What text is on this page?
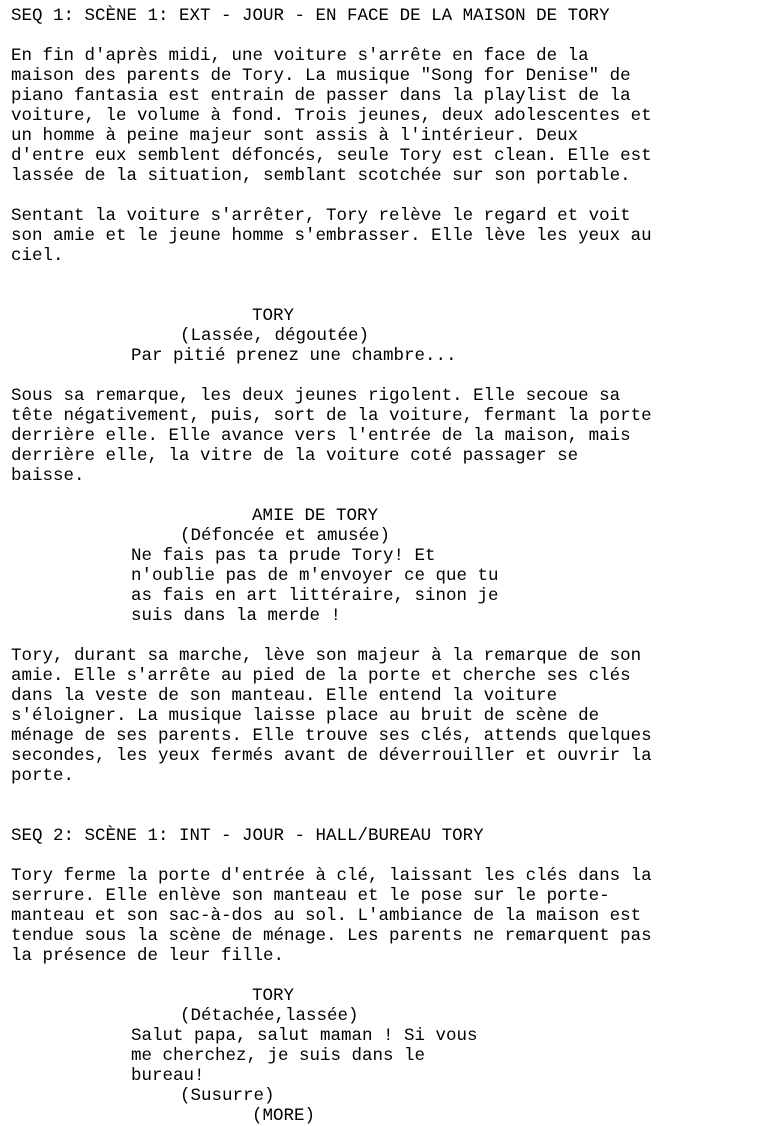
SEQ 1: SCÈNE 1: EXT - JOUR - EN FACE DE LA MAISON DE TORY
En fin d'après midi, une voiture s'arrête en face de la
maison des parents de Tory. La musique "Song for Denise" de
piano fantasia est entrain de passer dans la playlist de la
voiture, le volume à fond. Trois jeunes, deux adolescentes et
un homme à peine majeur sont assis à l'intérieur. Deux
d'entre eux semblent défoncés, seule Tory est clean. Elle est
lassée de la situation, semblant scotchée sur son portable.
Sentant la voiture s'arrêter, Tory relève le regard et voit
son amie et le jeune homme s'embrasser. Elle lève les yeux au
ciel.
TORY
(Lassée, dégoutée)
Par pitié prenez une chambre...
Sous sa remarque, les deux jeunes rigolent. Elle secoue sa
tête négativement, puis, sort de la voiture, fermant la porte
derrière elle. Elle avance vers l'entrée de la maison, mais
derrière elle, la vitre de la voiture coté passager se
baisse.
AMIE DE TORY
(Défoncée et amusée)
Ne fais pas ta prude Tory! Et
n'oublie pas de m'envoyer ce que tu
as fais en art littéraire, sinon je
suis dans la merde !
Tory, durant sa marche, lève son majeur à la remarque de son
amie. Elle s'arrête au pied de la porte et cherche ses clés
dans la veste de son manteau. Elle entend la voiture
s'éloigner. La musique laisse place au bruit de scène de
ménage de ses parents. Elle trouve ses clés, attends quelques
secondes, les yeux fermés avant de déverrouiller et ouvrir la
porte.
SEQ 2: SCÈNE 1: INT - JOUR - HALL/BUREAU TORY
Tory ferme la porte d'entrée à clé, laissant les clés dans la
serrure. Elle enlève son manteau et le pose sur le porte-
manteau et son sac-à-dos au sol. L'ambiance de la maison est
tendue sous la scène de ménage. Les parents ne remarquent pas
la présence de leur fille.
TORY
(Détachée,lassée)
Salut papa, salut maman ! Si vous
me cherchez, je suis dans le
bureau!
(Susurre)
(MORE)
